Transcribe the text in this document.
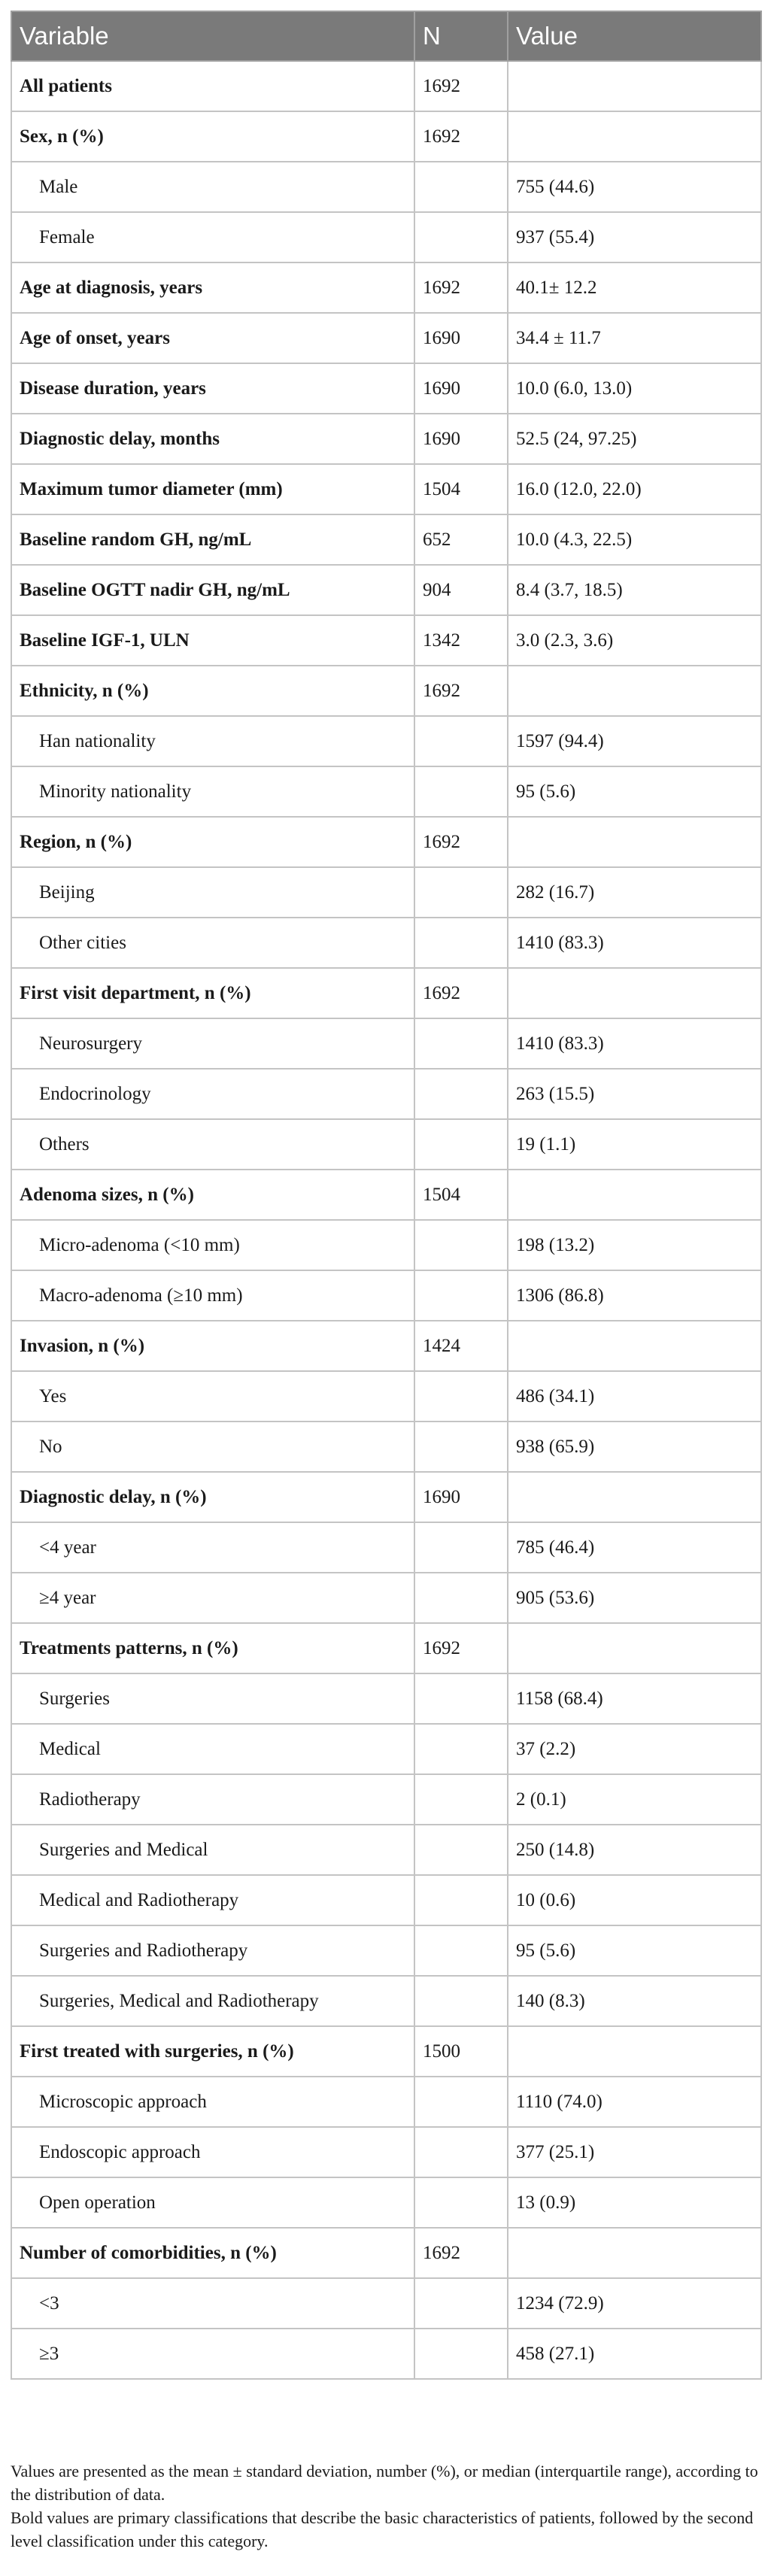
Variable	N	Value
All patients	1692	
Sex, n (%)	1692	
Male		755 (44.6)
Female		937 (55.4)
Age at diagnosis, years	1692	40.1± 12.2
Age of onset, years	1690	34.4 ± 11.7
Disease duration, years	1690	10.0 (6.0, 13.0)
Diagnostic delay, months	1690	52.5 (24, 97.25)
Maximum tumor diameter (mm)	1504	16.0 (12.0, 22.0)
Baseline random GH, ng/mL	652	10.0 (4.3, 22.5)
Baseline OGTT nadir GH, ng/mL	904	8.4 (3.7, 18.5)
Baseline IGF-1, ULN	1342	3.0 (2.3, 3.6)
Ethnicity, n (%)	1692	
Han nationality		1597 (94.4)
Minority nationality		95 (5.6)
Region, n (%)	1692	
Beijing		282 (16.7)
Other cities		1410 (83.3)
First visit department, n (%)	1692	
Neurosurgery		1410 (83.3)
Endocrinology		263 (15.5)
Others		19 (1.1)
Adenoma sizes, n (%)	1504	
Micro-adenoma (<10 mm)		198 (13.2)
Macro-adenoma (≥10 mm)		1306 (86.8)
Invasion, n (%)	1424	
Yes		486 (34.1)
No		938 (65.9)
Diagnostic delay, n (%)	1690	
<4 year		785 (46.4)
≥4 year		905 (53.6)
Treatments patterns, n (%)	1692	
Surgeries		1158 (68.4)
Medical		37 (2.2)
Radiotherapy		2 (0.1)
Surgeries and Medical		250 (14.8)
Medical and Radiotherapy		10 (0.6)
Surgeries and Radiotherapy		95 (5.6)
Surgeries, Medical and Radiotherapy		140 (8.3)
First treated with surgeries, n (%)	1500	
Microscopic approach		1110 (74.0)
Endoscopic approach		377 (25.1)
Open operation		13 (0.9)
Number of comorbidities, n (%)	1692	
<3		1234 (72.9)
≥3		458 (27.1)

Values are presented as the mean ± standard deviation, number (%), or median (interquartile range), according to the distribution of data.

Bold values are primary classifications that describe the basic characteristics of patients, followed by the second level classification under this category.
